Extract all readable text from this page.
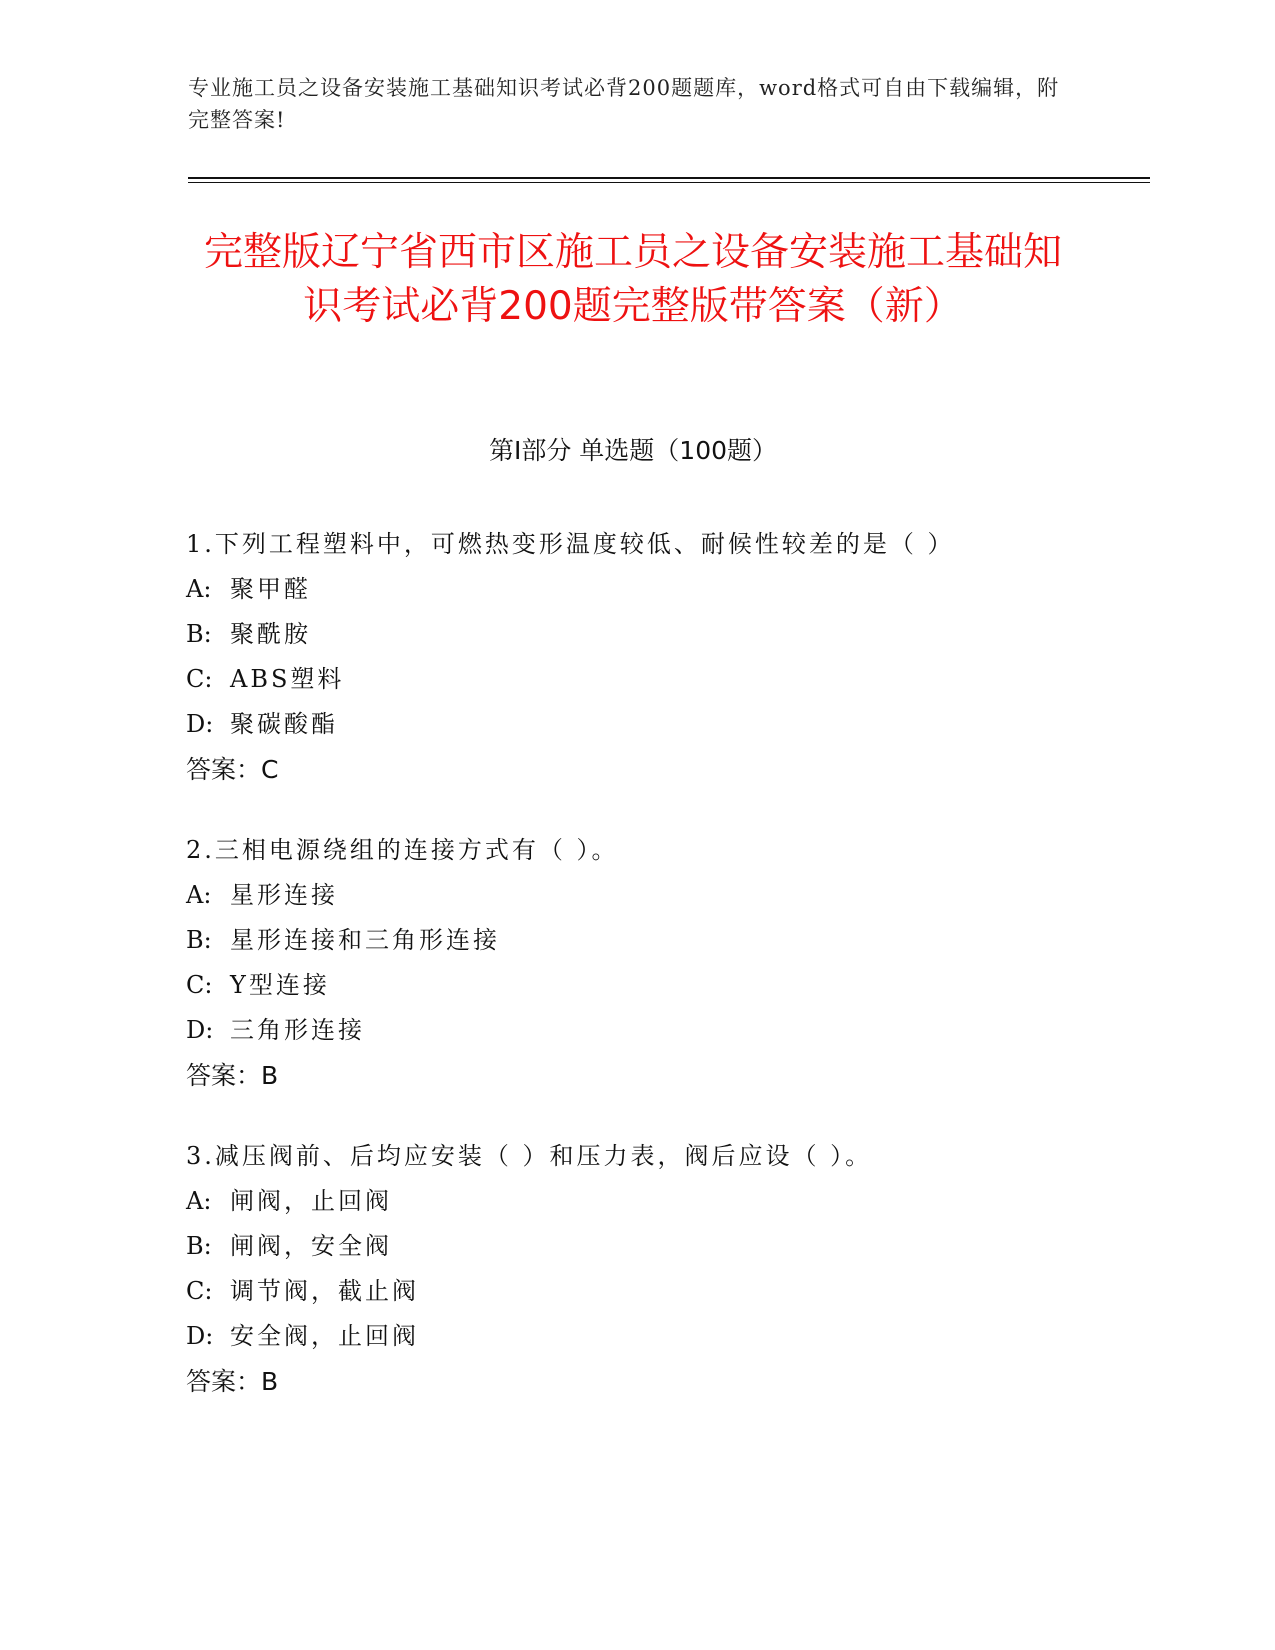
专业施工员之设备安装施工基础知识考试必背200题题库，word格式可自由下载编辑，附完整答案!
完整版辽宁省西市区施工员之设备安装施工基础知识考试必背200题完整版带答案（新）
第Ⅰ部分 单选题（100题）
1.下列工程塑料中，可燃热变形温度较低、耐候性较差的是（ ）
A: 聚甲醛
B: 聚酰胺
C: ABS塑料
D: 聚碳酸酯
答案：C
2.三相电源绕组的连接方式有（ ）。
A: 星形连接
B: 星形连接和三角形连接
C: Y型连接
D: 三角形连接
答案：B
3.减压阀前、后均应安装（ ）和压力表，阀后应设（ ）。
A: 闸阀，止回阀
B: 闸阀，安全阀
C: 调节阀，截止阀
D: 安全阀，止回阀
答案：B
